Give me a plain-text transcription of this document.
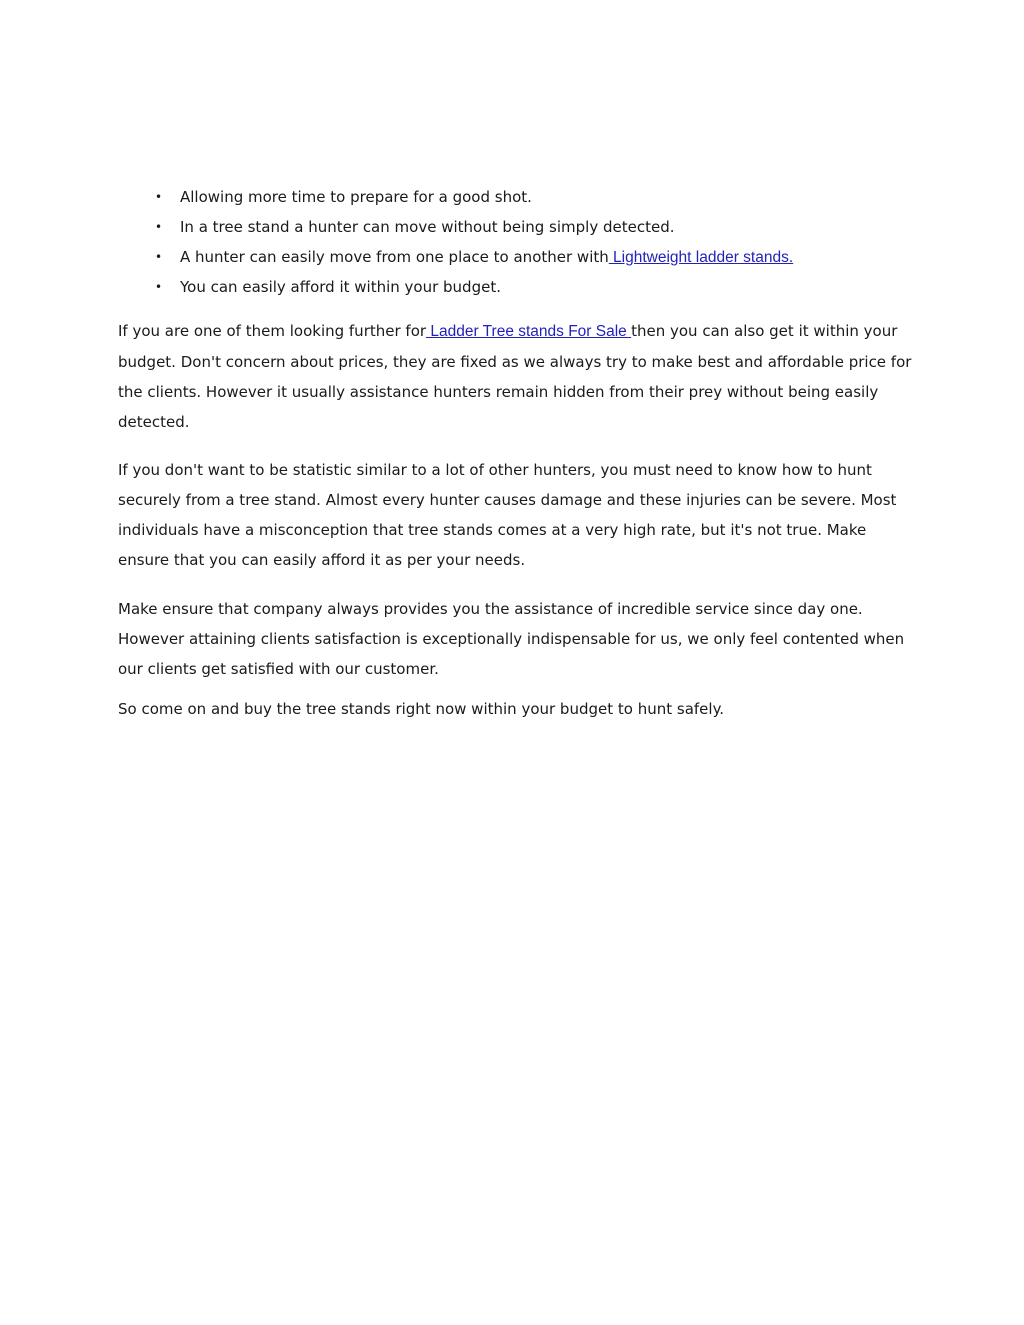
• Allowing more time to prepare for a good shot.
• In a tree stand a hunter can move without being simply detected.
• A hunter can easily move from one place to another with Lightweight ladder stands.
• You can easily afford it within your budget.

If you are one of them looking further for Ladder Tree stands For Sale then you can also get it within your budget. Don't concern about prices, they are fixed as we always try to make best and affordable price for the clients. However it usually assistance hunters remain hidden from their prey without being easily detected.

If you don't want to be statistic similar to a lot of other hunters, you must need to know how to hunt securely from a tree stand. Almost every hunter causes damage and these injuries can be severe. Most individuals have a misconception that tree stands comes at a very high rate, but it's not true. Make ensure that you can easily afford it as per your needs.

Make ensure that company always provides you the assistance of incredible service since day one. However attaining clients satisfaction is exceptionally indispensable for us, we only feel contented when our clients get satisfied with our customer.

So come on and buy the tree stands right now within your budget to hunt safely.
